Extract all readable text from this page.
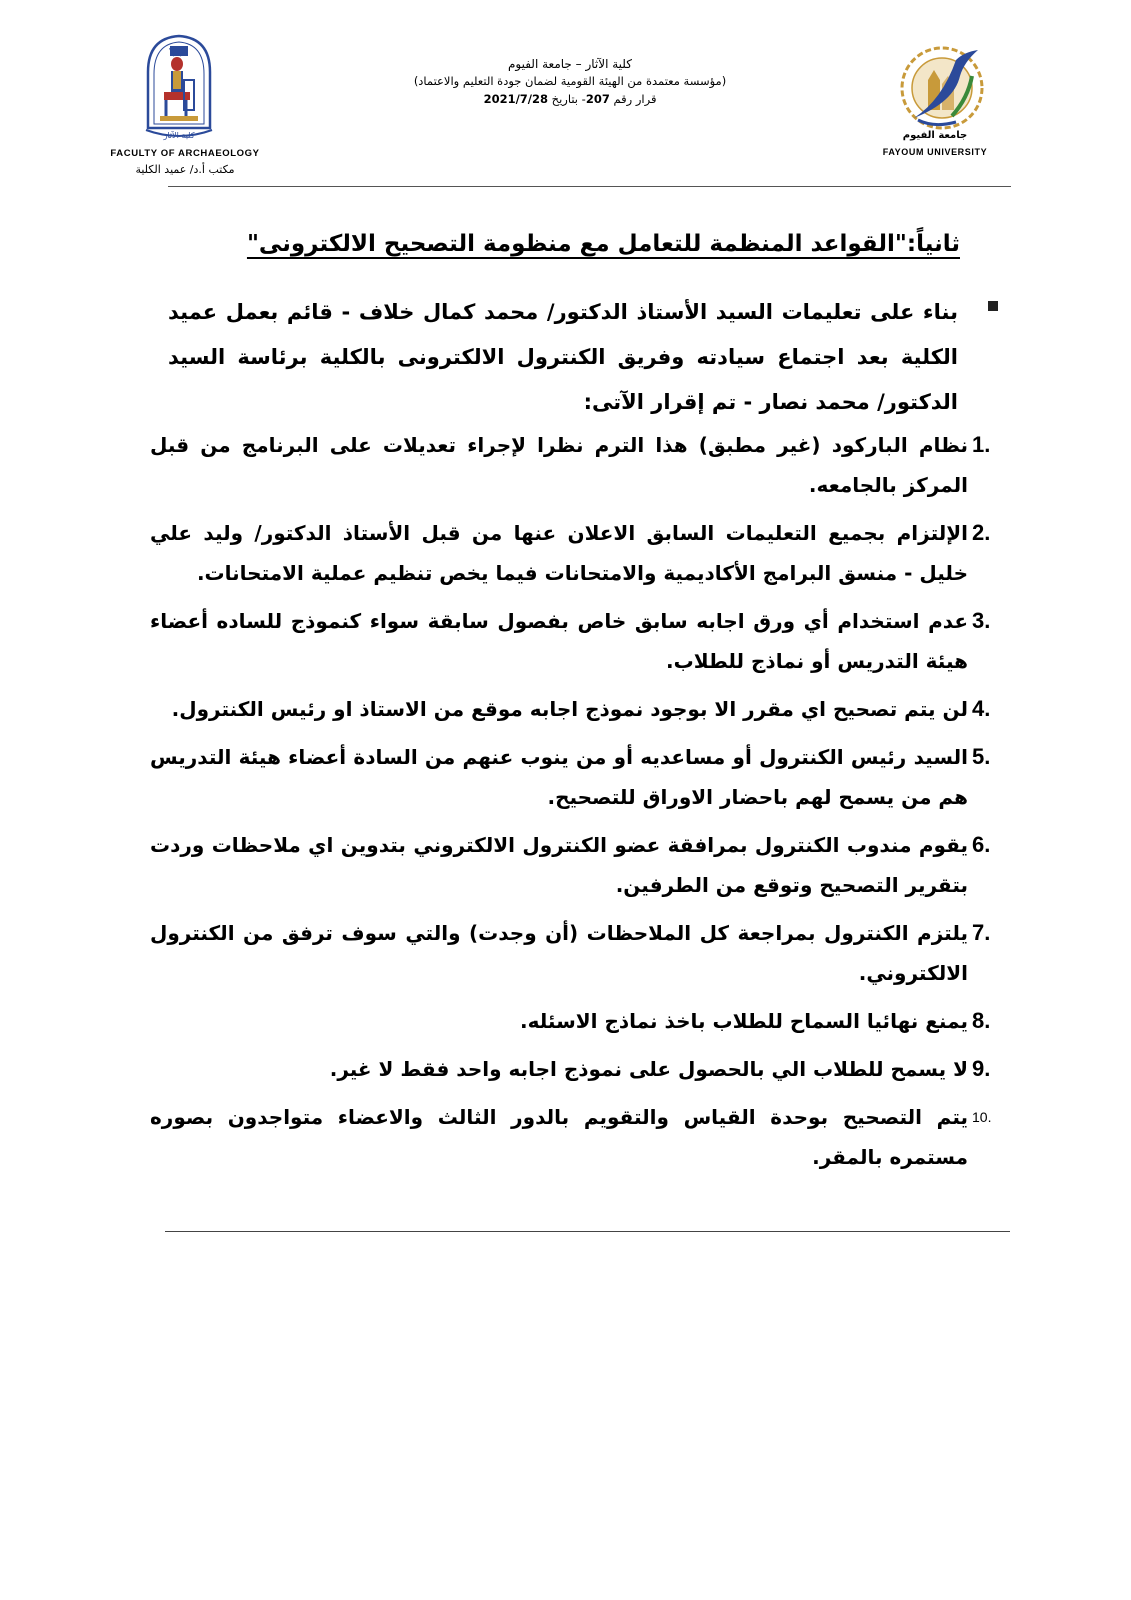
كلية الآثار
FACULTY OF ARCHAEOLOGY
مكتب أ.د/ عميد الكلية
كلية الآثار – جامعة الفيوم
(مؤسسة معتمدة من الهيئة القومية لضمان جودة التعليم والاعتماد)
قرار رقم 207- بتاريخ 2021/7/28
جامعة الفيوم
FAYOUM UNIVERSITY
ثانياً:"القواعد المنظمة للتعامل مع منظومة التصحيح الالكترونى"
بناء على تعليمات السيد الأستاذ الدكتور/ محمد كمال خلاف - قائم بعمل عميد الكلية بعد اجتماع سيادته وفريق الكنترول الالكترونى بالكلية برئاسة السيد الدكتور/ محمد نصار - تم إقرار الآتى:
1.
نظام الباركود (غير مطبق) هذا الترم نظرا لإجراء تعديلات على البرنامج من قبل المركز بالجامعه.
2.
الإلتزام بجميع التعليمات السابق الاعلان عنها من قبل الأستاذ الدكتور/ وليد علي خليل - منسق البرامج الأكاديمية والامتحانات فيما يخص تنظيم عملية الامتحانات.
3.
عدم استخدام أي ورق اجابه سابق خاص بفصول سابقة سواء كنموذج للساده أعضاء هيئة التدريس أو نماذج للطلاب.
4.
لن يتم تصحيح اي مقرر الا بوجود نموذج اجابه موقع من الاستاذ او رئيس الكنترول.
5.
السيد رئيس الكنترول أو مساعديه أو من ينوب عنهم من السادة أعضاء هيئة التدريس هم من يسمح لهم باحضار الاوراق للتصحيح.
6.
يقوم مندوب الكنترول بمرافقة عضو الكنترول الالكتروني بتدوين اي ملاحظات وردت بتقرير التصحيح وتوقع من الطرفين.
7.
يلتزم الكنترول بمراجعة كل الملاحظات (أن وجدت) والتي سوف ترفق من الكنترول الالكتروني.
8.
يمنع نهائيا السماح للطلاب باخذ نماذج الاسئله.
9.
لا يسمح للطلاب الي بالحصول على نموذج اجابه واحد فقط لا غير.
10.
يتم التصحيح بوحدة القياس والتقويم بالدور الثالث والاعضاء متواجدون بصوره مستمره بالمقر.
